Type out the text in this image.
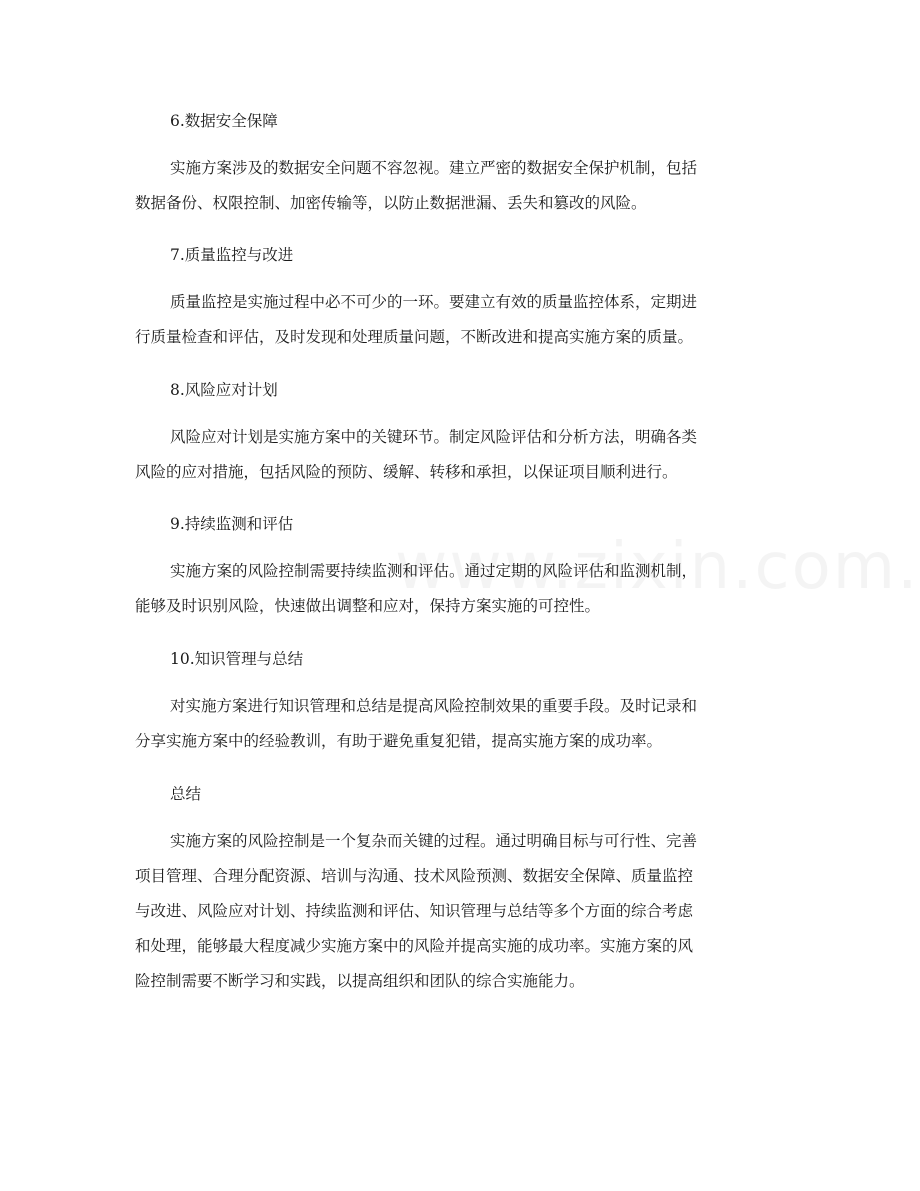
6.数据安全保障
实施方案涉及的数据安全问题不容忽视。建立严密的数据安全保护机制，包括
数据备份、权限控制、加密传输等，以防止数据泄漏、丢失和篡改的风险。
7.质量监控与改进
质量监控是实施过程中必不可少的一环。要建立有效的质量监控体系，定期进
行质量检查和评估，及时发现和处理质量问题，不断改进和提高实施方案的质量。
8.风险应对计划
风险应对计划是实施方案中的关键环节。制定风险评估和分析方法，明确各类
风险的应对措施，包括风险的预防、缓解、转移和承担，以保证项目顺利进行。
9.持续监测和评估
实施方案的风险控制需要持续监测和评估。通过定期的风险评估和监测机制，
能够及时识别风险，快速做出调整和应对，保持方案实施的可控性。
10.知识管理与总结
对实施方案进行知识管理和总结是提高风险控制效果的重要手段。及时记录和
分享实施方案中的经验教训，有助于避免重复犯错，提高实施方案的成功率。
总结
实施方案的风险控制是一个复杂而关键的过程。通过明确目标与可行性、完善
项目管理、合理分配资源、培训与沟通、技术风险预测、数据安全保障、质量监控
与改进、风险应对计划、持续监测和评估、知识管理与总结等多个方面的综合考虑
和处理，能够最大程度减少实施方案中的风险并提高实施的成功率。实施方案的风
险控制需要不断学习和实践，以提高组织和团队的综合实施能力。
